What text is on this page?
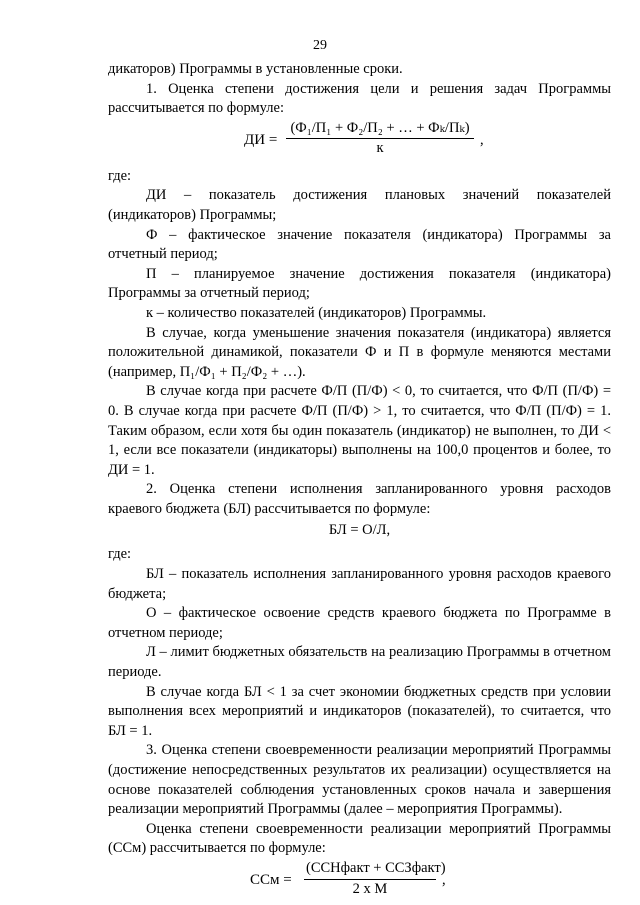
29

дикаторов) Программы в установленные сроки.

1. Оценка степени достижения цели и решения задач Программы рассчитывается по формуле:

ДИ =
(Ф₁/П₁ + Ф₂/П₂ + … + Фₖ/Пₖ)
к
,

где:

ДИ – показатель достижения плановых значений показателей (индикаторов) Программы;

Ф – фактическое значение показателя (индикатора) Программы за отчетный период;

П – планируемое значение достижения показателя (индикатора) Программы за отчетный период;

к – количество показателей (индикаторов) Программы.

В случае, когда уменьшение значения показателя (индикатора) является положительной динамикой, показатели Ф и П в формуле меняются местами (например, П₁/Ф₁ + П₂/Ф₂ + …).

В случае когда при расчете Ф/П (П/Ф) < 0, то считается, что Ф/П (П/Ф) = 0. В случае когда при расчете Ф/П (П/Ф) > 1, то считается, что Ф/П (П/Ф) = 1. Таким образом, если хотя бы один показатель (индикатор) не выполнен, то ДИ < 1, если все показатели (индикаторы) выполнены на 100,0 процентов и более, то ДИ = 1.

2. Оценка степени исполнения запланированного уровня расходов краевого бюджета (БЛ) рассчитывается по формуле:

БЛ = О/Л,

где:

БЛ – показатель исполнения запланированного уровня расходов краевого бюджета;

О – фактическое освоение средств краевого бюджета по Программе в отчетном периоде;

Л – лимит бюджетных обязательств на реализацию Программы в отчетном периоде.

В случае когда БЛ < 1 за счет экономии бюджетных средств при условии выполнения всех мероприятий и индикаторов (показателей), то считается, что БЛ = 1.

3. Оценка степени своевременности реализации мероприятий Программы (достижение непосредственных результатов их реализации) осуществляется на основе показателей соблюдения установленных сроков начала и завершения реализации мероприятий Программы (далее – мероприятия Программы).

Оценка степени своевременности реализации мероприятий Программы (ССм) рассчитывается по формуле:

ССм =
(ССНфакт + ССЗфакт)
2 х М
,
